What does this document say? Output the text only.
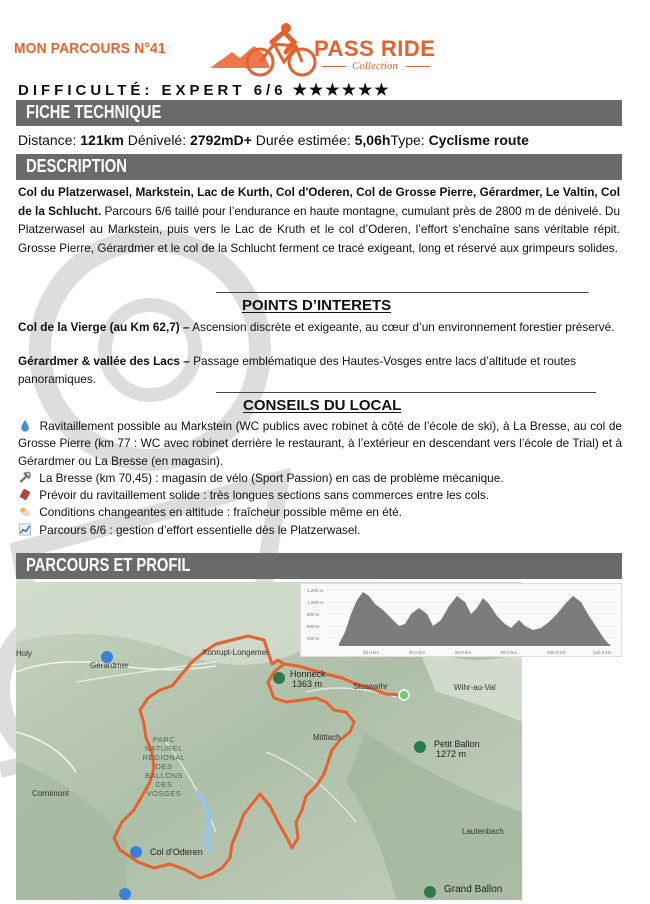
MON PARCOURS N°41	PASS RIDE
Collection
DIFFICULTÉ: EXPERT 6/6 ★★★★★★
FICHE TECHNIQUE
Distance: 121km Dénivelé: 2792mD+ Durée estimée: 5,06hType: Cyclisme route
DESCRIPTION
Col du Platzerwasel, Markstein, Lac de Kurth, Col d'Oderen, Col de Grosse Pierre, Gérardmer, Le Valtin, Col de la Schlucht. Parcours 6/6 taillé pour l’endurance en haute montagne, cumulant près de 2800 m de dénivelé. Du Platzerwasel au Markstein, puis vers le Lac de Kruth et le col d’Oderen, l’effort s’enchaîne sans véritable répit. Grosse Pierre, Gérardmer et le col de la Schlucht ferment ce tracé exigeant, long et réservé aux grimpeurs solides.
POINTS D’INTERETS
Col de la Vierge (au Km 62,7) – Ascension discrète et exigeante, au cœur d’un environnement forestier préservé.
Gérardmer & vallée des Lacs – Passage emblématique des Hautes-Vosges entre lacs d’altitude et routes panoramiques.
CONSEILS DU LOCAL
Ravitaillement possible au Markstein (WC publics avec robinet à côté de l’école de ski), à La Bresse, au col de Grosse Pierre (km 77 : WC avec robinet derrière le restaurant, à l’extérieur en descendant vers l’école de Trial) et à Gérardmer ou La Bresse (en magasin).
La Bresse (km 70,45) : magasin de vélo (Sport Passion) en cas de problème mécanique.
Prévoir du ravitaillement solide : très longues sections sans commerces entre les cols.
Conditions changeantes en altitude : fraîcheur possible même en été.
Parcours 6/6 : gestion d’effort essentielle dès le Platzerwasel.
PARCOURS ET PROFIL
Xonrupt-Longemer
Gérardmer
Holy
Honneck
1363 m	Stosswihr	Wihr-au-Val
Mittlach
Petit Ballon
1272 m
Cornimont
Lautenbach
Col d'Oderen
Grand Ballon
PARC
NATUREL
RÉGIONAL
DES
BALLONS
DES
VOSGES
1,200 m
1,000 m
800 m
600 m
400 m
20.0 km	40.0 km	60.0 km	80.0 km	100.0 km	120.0 km
